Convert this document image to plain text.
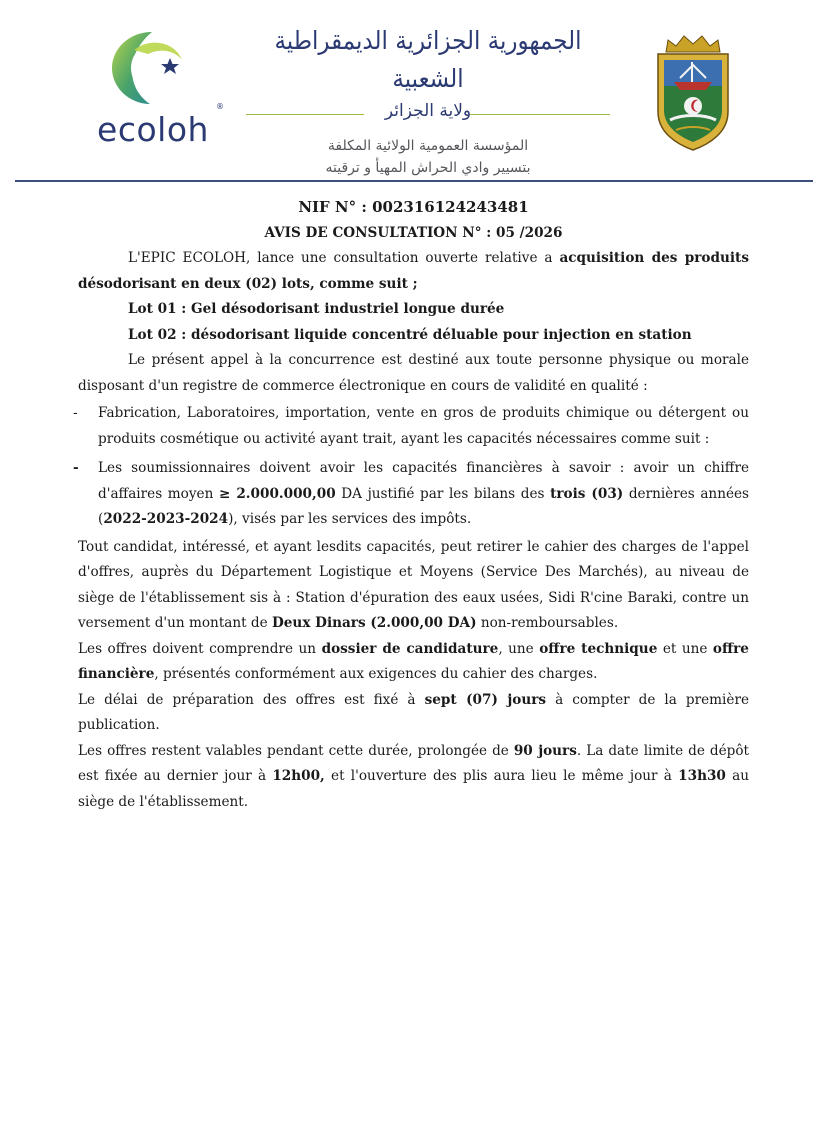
ecoloh
®
الجمهورية الجزائرية الديمقراطية الشعبية
ولاية الجزائر
المؤسسة العمومية الولائية المكلفة
بتسيير وادي الحراش المهيأ و ترقيته
NIF N° : 002316124243481
AVIS DE CONSULTATION N° : 05 /2026
L'EPIC ECOLOH, lance une consultation ouverte relative a acquisition des produits désodorisant en deux (02) lots, comme suit ;
Lot 01 : Gel désodorisant industriel longue durée
Lot 02 : désodorisant liquide concentré déluable pour injection en station
Le présent appel à la concurrence est destiné aux toute personne physique ou morale disposant d'un registre de commerce électronique en cours de validité en qualité :
- Fabrication, Laboratoires, importation, vente en gros de produits chimique ou détergent ou produits cosmétique ou activité ayant trait, ayant les capacités nécessaires comme suit :
- Les soumissionnaires doivent avoir les capacités financières à savoir : avoir un chiffre d'affaires moyen ≥ 2.000.000,00 DA justifié par les bilans des trois (03) dernières années (2022-2023-2024), visés par les services des impôts.
Tout candidat, intéressé, et ayant lesdits capacités, peut retirer le cahier des charges de l'appel d'offres, auprès du Département Logistique et Moyens (Service Des Marchés), au niveau de siège de l'établissement sis à : Station d'épuration des eaux usées, Sidi R'cine Baraki, contre un versement d'un montant de Deux Dinars (2.000,00 DA) non-remboursables.
Les offres doivent comprendre un dossier de candidature, une offre technique et une offre financière, présentés conformément aux exigences du cahier des charges.
Le délai de préparation des offres est fixé à sept (07) jours à compter de la première publication.
Les offres restent valables pendant cette durée, prolongée de 90 jours. La date limite de dépôt est fixée au dernier jour à 12h00, et l'ouverture des plis aura lieu le même jour à 13h30 au siège de l'établissement.
